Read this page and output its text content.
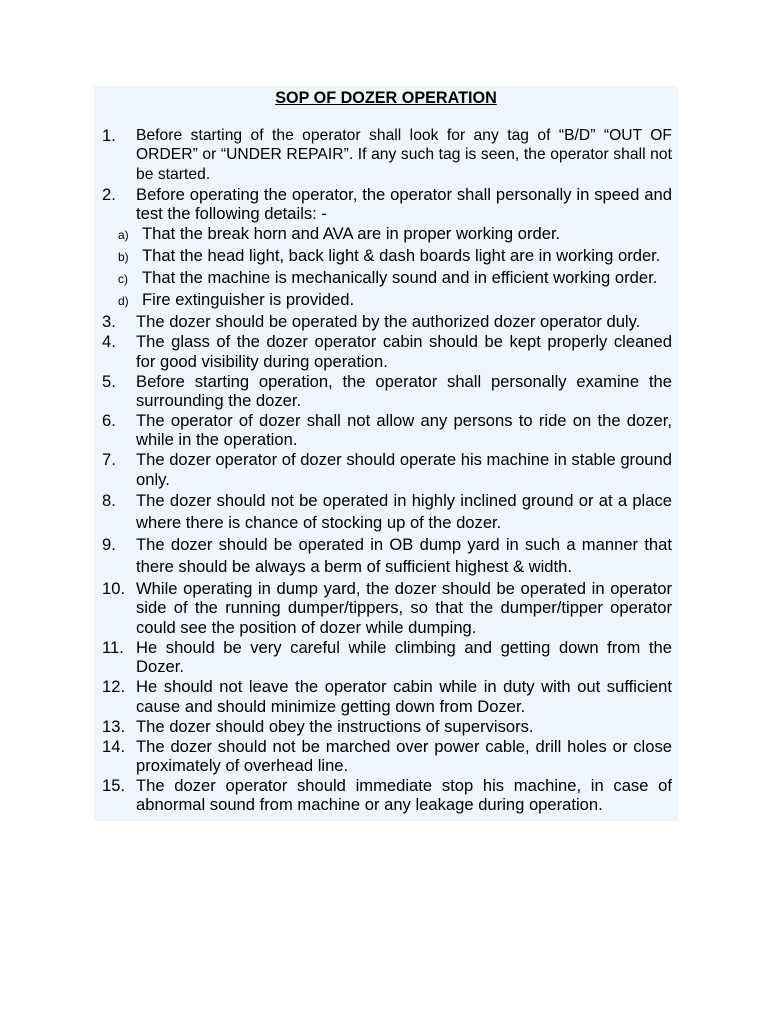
SOP OF DOZER OPERATION
1.	Before starting of the operator shall look for any tag of “B/D” “OUT OF ORDER” or “UNDER REPAIR”. If any such tag is seen, the operator shall not be started.
2.	Before operating the operator, the operator shall personally in speed and test the following details: -
a) That the break horn and AVA are in proper working order.
b) That the head light, back light & dash boards light are in working order.
c) That the machine is mechanically sound and in efficient working order.
d) Fire extinguisher is provided.
3.	The dozer should be operated by the authorized dozer operator duly.
4.	The glass of the dozer operator cabin should be kept properly cleaned for good visibility during operation.
5.	Before starting operation, the operator shall personally examine the surrounding the dozer.
6.	The operator of dozer shall not allow any persons to ride on the dozer, while in the operation.
7.	The dozer operator of dozer should operate his machine in stable ground only.
8.	The dozer should not be operated in highly inclined ground or at a place where there is chance of stocking up of the dozer.
9.	The dozer should be operated in OB dump yard in such a manner that there should be always a berm of sufficient highest & width.
10. While operating in dump yard, the dozer should be operated in operator side of the running dumper/tippers, so that the dumper/tipper operator could see the position of dozer while dumping.
11. He should be very careful while climbing and getting down from the Dozer.
12. He should not leave the operator cabin while in duty with out sufficient cause and should minimize getting down from Dozer.
13. The dozer should obey the instructions of supervisors.
14. The dozer should not be marched over power cable, drill holes or close proximately of overhead line.
15. The dozer operator should immediate stop his machine, in case of abnormal sound from machine or any leakage during operation.
